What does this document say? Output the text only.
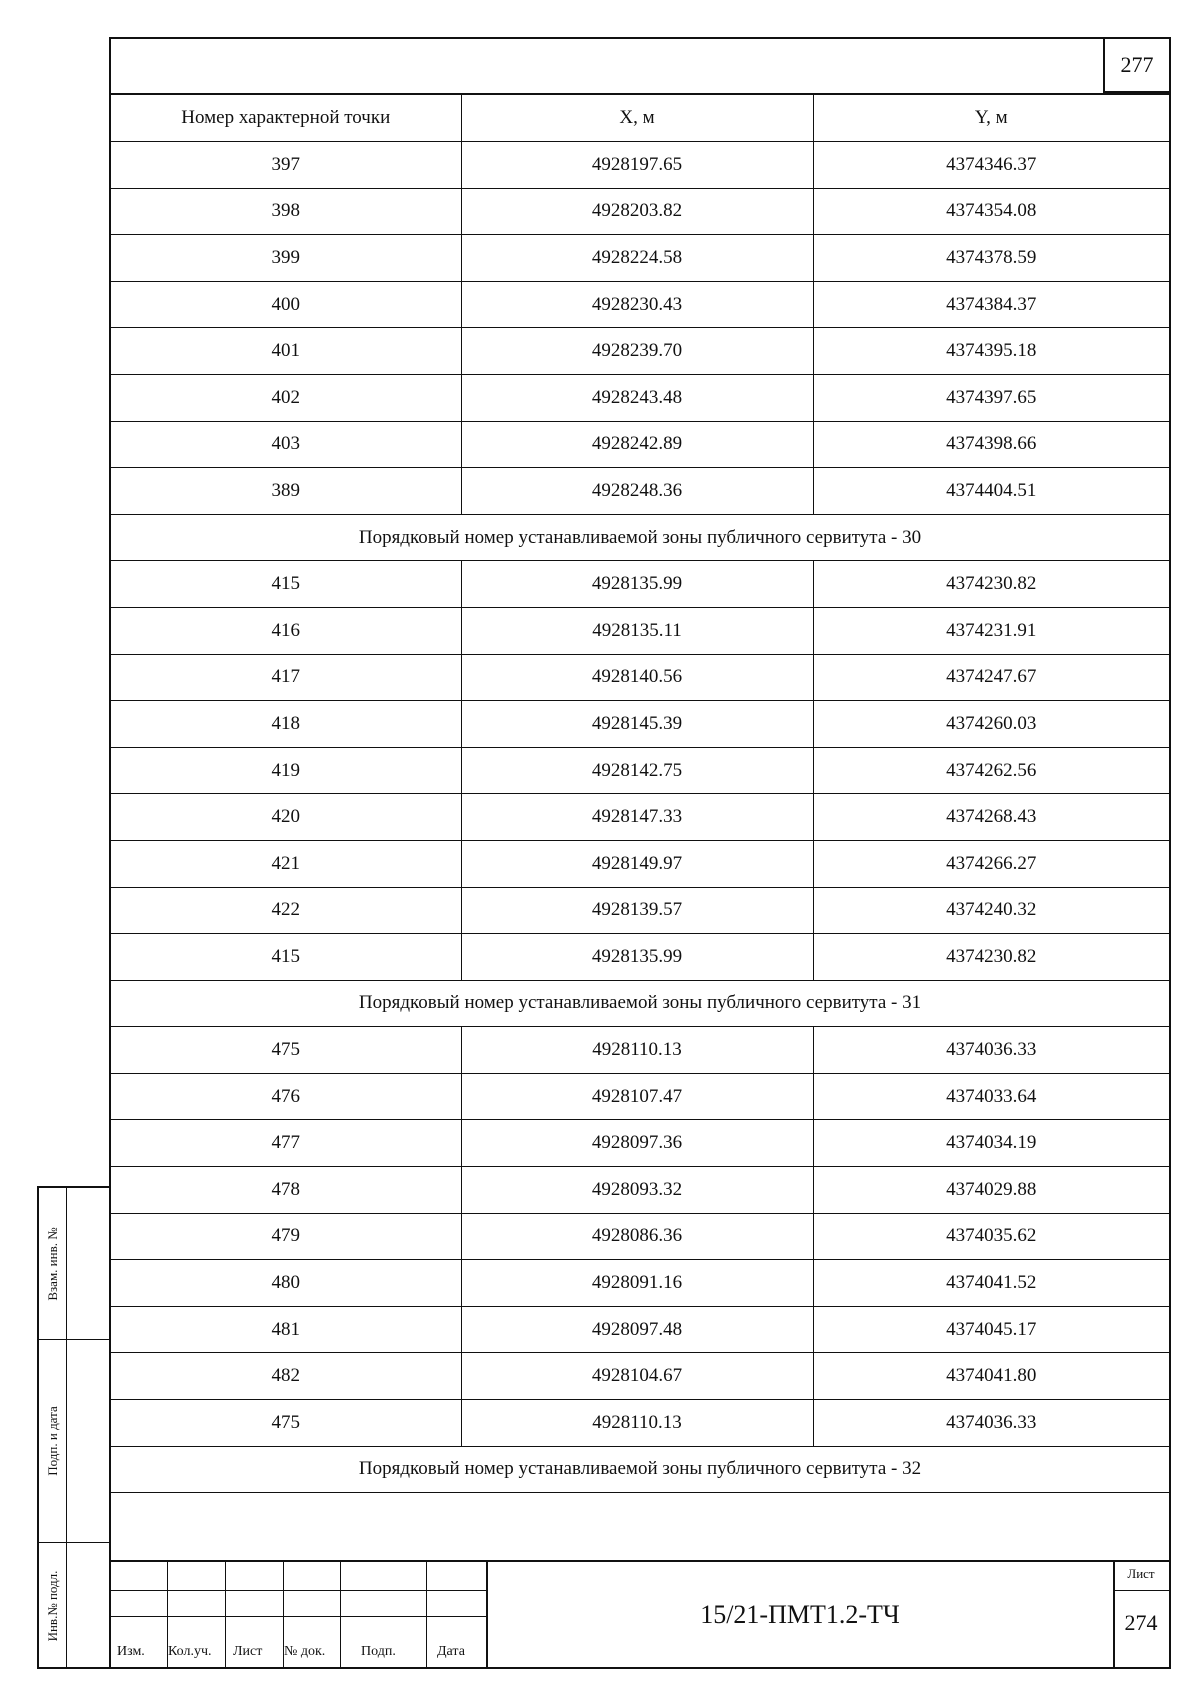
277
Номер характерной точки	X, м	Y, м
397	4928197.65	4374346.37
398	4928203.82	4374354.08
399	4928224.58	4374378.59
400	4928230.43	4374384.37
401	4928239.70	4374395.18
402	4928243.48	4374397.65
403	4928242.89	4374398.66
389	4928248.36	4374404.51
Порядковый номер устанавливаемой зоны публичного сервитута - 30		
415	4928135.99	4374230.82
416	4928135.11	4374231.91
417	4928140.56	4374247.67
418	4928145.39	4374260.03
419	4928142.75	4374262.56
420	4928147.33	4374268.43
421	4928149.97	4374266.27
422	4928139.57	4374240.32
415	4928135.99	4374230.82
Порядковый номер устанавливаемой зоны публичного сервитута - 31		
475	4928110.13	4374036.33
476	4928107.47	4374033.64
477	4928097.36	4374034.19
478	4928093.32	4374029.88
479	4928086.36	4374035.62
480	4928091.16	4374041.52
481	4928097.48	4374045.17
482	4928104.67	4374041.80
475	4928110.13	4374036.33
Порядковый номер устанавливаемой зоны публичного сервитута - 32		
Изм. Кол.уч. Лист № док.	Подп.	Дата
15/21-ПМТ1.2-ТЧ
Лист
274
Взам. инв. №
Подп. и дата
Инв.№ подл.
